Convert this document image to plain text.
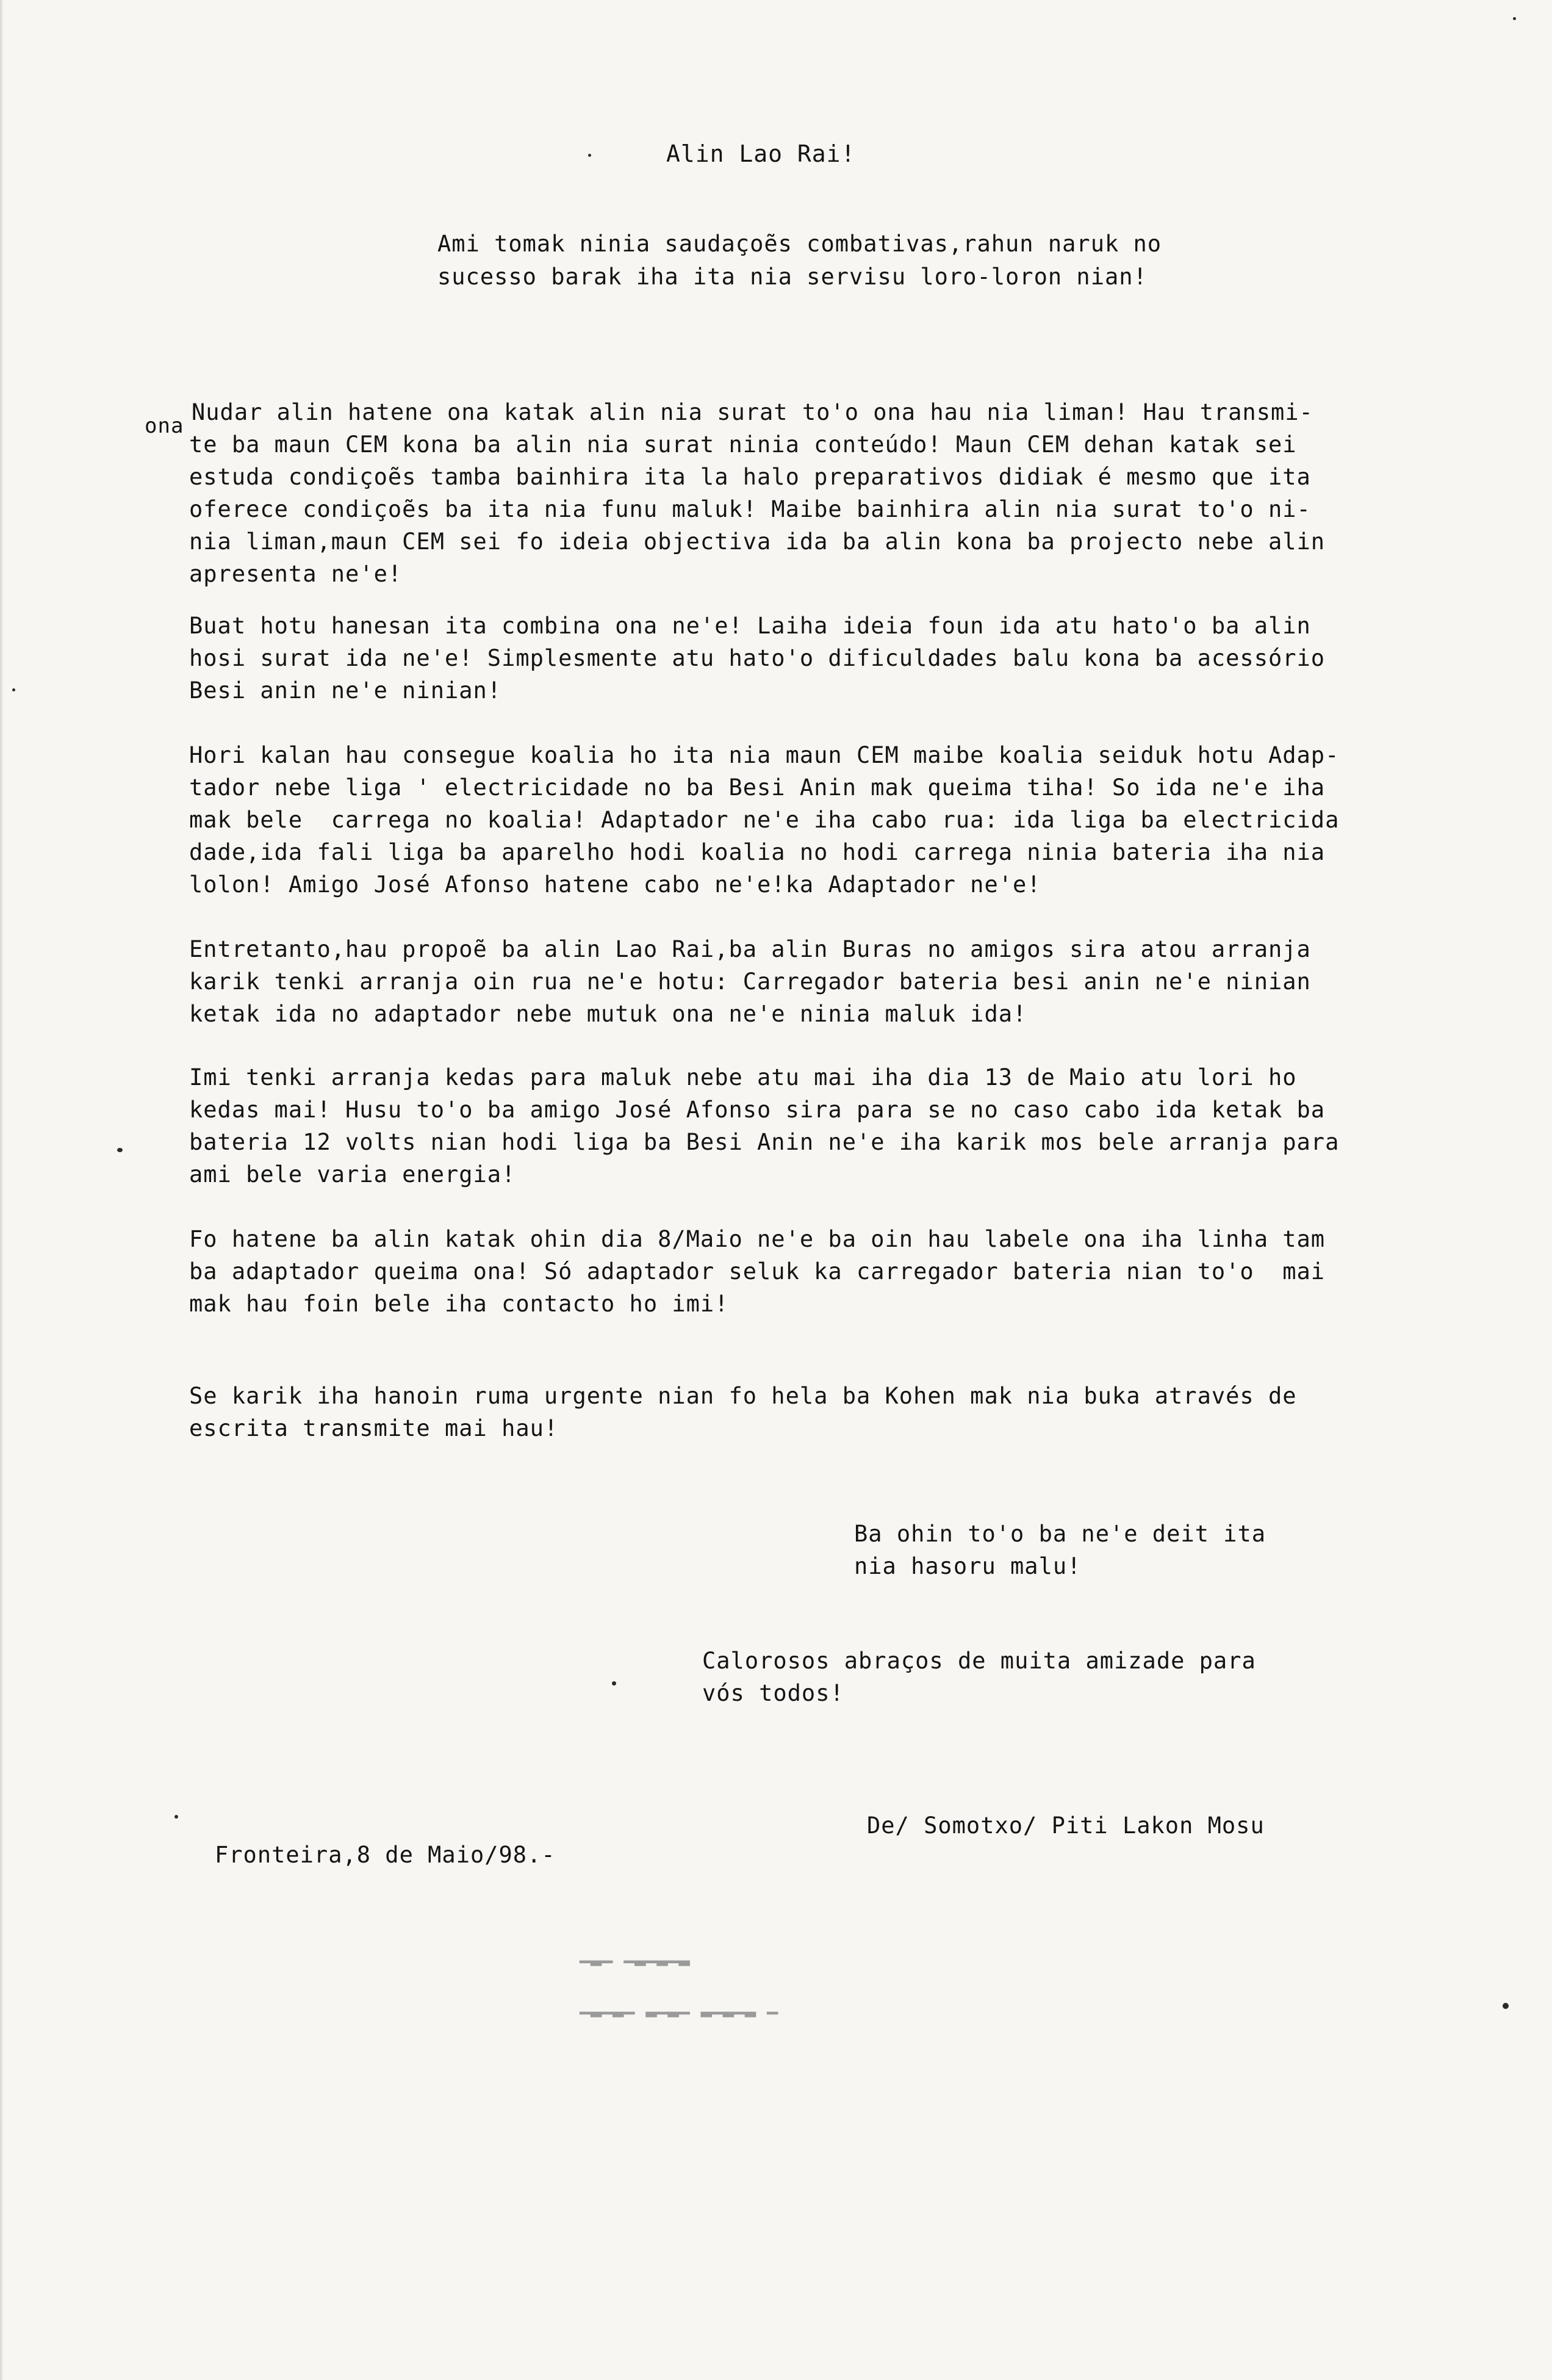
Alin Lao Rai!
Ami tomak ninia saudaçoẽs combativas,rahun naruk no
sucesso barak iha ita nia servisu loro-loron nian!
ona
Nudar alin hatene ona katak alin nia surat to'o ona hau nia liman! Hau transmi-
te ba maun CEM kona ba alin nia surat ninia conteúdo! Maun CEM dehan katak sei
estuda condiçoẽs tamba bainhira ita la halo preparativos didiak é mesmo que ita
oferece condiçoẽs ba ita nia funu maluk! Maibe bainhira alin nia surat to'o ni-
nia liman,maun CEM sei fo ideia objectiva ida ba alin kona ba projecto nebe alin
apresenta ne'e!
Buat hotu hanesan ita combina ona ne'e! Laiha ideia foun ida atu hato'o ba alin
hosi surat ida ne'e! Simplesmente atu hato'o dificuldades balu kona ba acessório
Besi anin ne'e ninian!
Hori kalan hau consegue koalia ho ita nia maun CEM maibe koalia seiduk hotu Adap-
tador nebe liga ' electricidade no ba Besi Anin mak queima tiha! So ida ne'e iha
mak bele  carrega no koalia! Adaptador ne'e iha cabo rua: ida liga ba electricida
dade,ida fali liga ba aparelho hodi koalia no hodi carrega ninia bateria iha nia
lolon! Amigo José Afonso hatene cabo ne'e!ka Adaptador ne'e!
Entretanto,hau propoẽ ba alin Lao Rai,ba alin Buras no amigos sira atou arranja
karik tenki arranja oin rua ne'e hotu: Carregador bateria besi anin ne'e ninian
ketak ida no adaptador nebe mutuk ona ne'e ninia maluk ida!
Imi tenki arranja kedas para maluk nebe atu mai iha dia 13 de Maio atu lori ho
kedas mai! Husu to'o ba amigo José Afonso sira para se no caso cabo ida ketak ba
bateria 12 volts nian hodi liga ba Besi Anin ne'e iha karik mos bele arranja para
ami bele varia energia!
Fo hatene ba alin katak ohin dia 8/Maio ne'e ba oin hau labele ona iha linha tam
ba adaptador queima ona! Só adaptador seluk ka carregador bateria nian to'o  mai
mak hau foin bele iha contacto ho imi!
Se karik iha hanoin ruma urgente nian fo hela ba Kohen mak nia buka através de
escrita transmite mai hau!
Ba ohin to'o ba ne'e deit ita
nia hasoru malu!
Calorosos abraços de muita amizade para
vós todos!
De/ Somotxo/ Piti Lakon Mosu
Fronteira,8 de Maio/98.-
▁▂▁ ▁▂▁▂▁▂
▁▂▁▂▁ ▂▁▂▁ ▂▁▂▁▂ ▁
